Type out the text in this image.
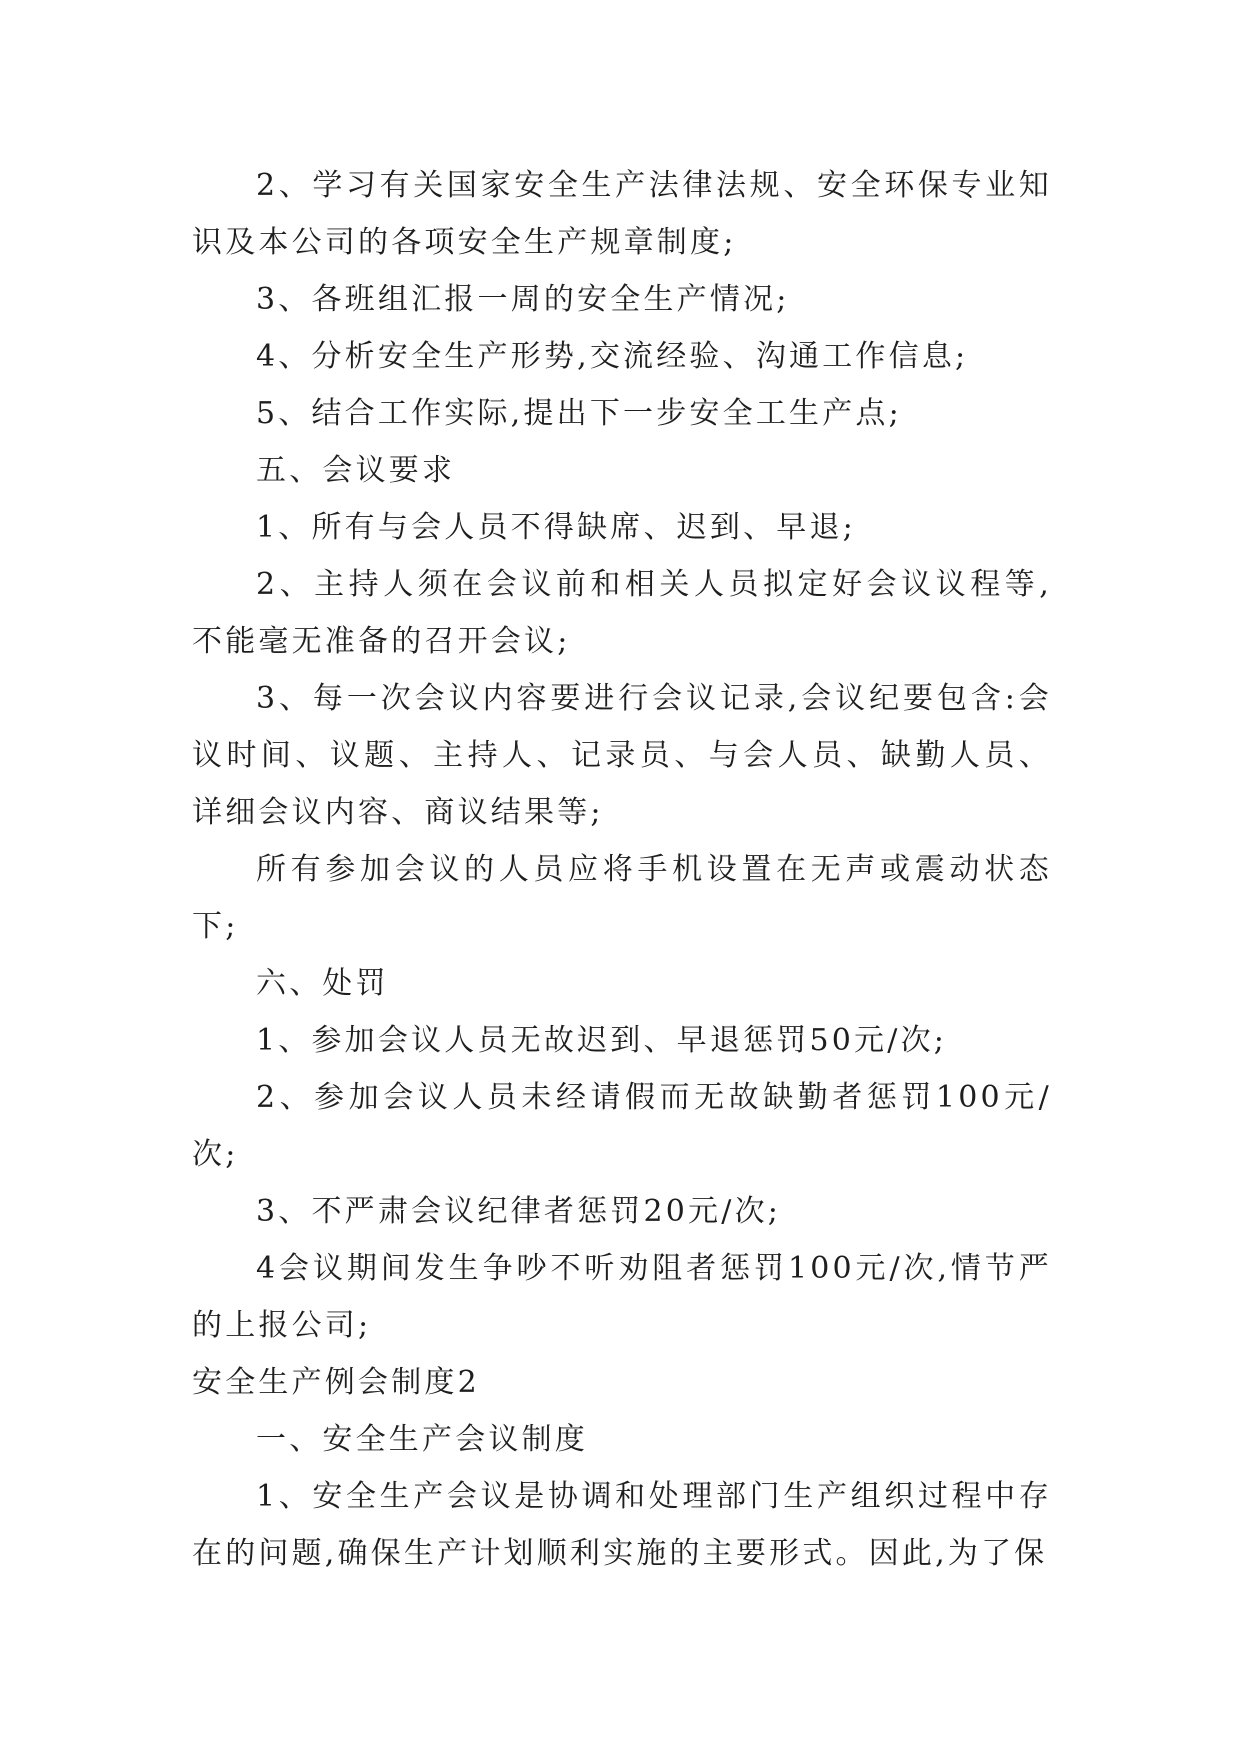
2、学习有关国家安全生产法律法规、安全环保专业知识及本公司的各项安全生产规章制度;

3、各班组汇报一周的安全生产情况;

4、分析安全生产形势,交流经验、沟通工作信息;

5、结合工作实际,提出下一步安全工生产点;

五、会议要求

1、所有与会人员不得缺席、迟到、早退;

2、主持人须在会议前和相关人员拟定好会议议程等,不能毫无准备的召开会议;

3、每一次会议内容要进行会议记录,会议纪要包含:会议时间、议题、主持人、记录员、与会人员、缺勤人员、详细会议内容、商议结果等;

所有参加会议的人员应将手机设置在无声或震动状态下;

六、处罚

1、参加会议人员无故迟到、早退惩罚50元/次;

2、参加会议人员未经请假而无故缺勤者惩罚100元/次;

3、不严肃会议纪律者惩罚20元/次;

4会议期间发生争吵不听劝阻者惩罚100元/次,情节严的上报公司;

安全生产例会制度2

一、安全生产会议制度

1、安全生产会议是协调和处理部门生产组织过程中存在的问题,确保生产计划顺利实施的主要形式。因此,为了保
